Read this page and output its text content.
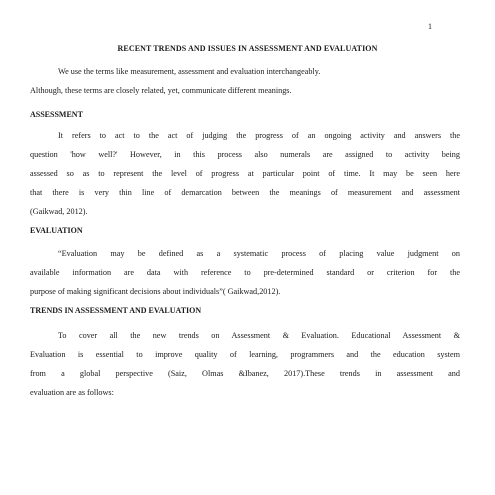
1
RECENT TRENDS AND ISSUES IN ASSESSMENT AND EVALUATION

We use the terms like measurement, assessment and evaluation interchangeably.
Although, these terms are closely related, yet, communicate different meanings.

ASSESSMENT

It refers to act to the act of judging the progress of an ongoing activity and answers the
question 'how well?' However, in this process also numerals are assigned to activity being
assessed so as to represent the level of progress at particular point of time. It may be seen here
that there is very thin line of demarcation between the meanings of measurement and assessment
(Gaikwad, 2012).

EVALUATION

“Evaluation may be defined as a systematic process of placing value judgment on
available information are data with reference to pre-determined standard or criterion for the
purpose of making significant decisions about individuals”( Gaikwad,2012).

TRENDS IN ASSESSMENT AND EVALUATION

To cover all the new trends on Assessment & Evaluation. Educational Assessment &
Evaluation is essential to improve quality of learning, programmers and the education system
from a global perspective (Saiz, Olmas &Ibanez, 2017).These trends in assessment and
evaluation are as follows:
